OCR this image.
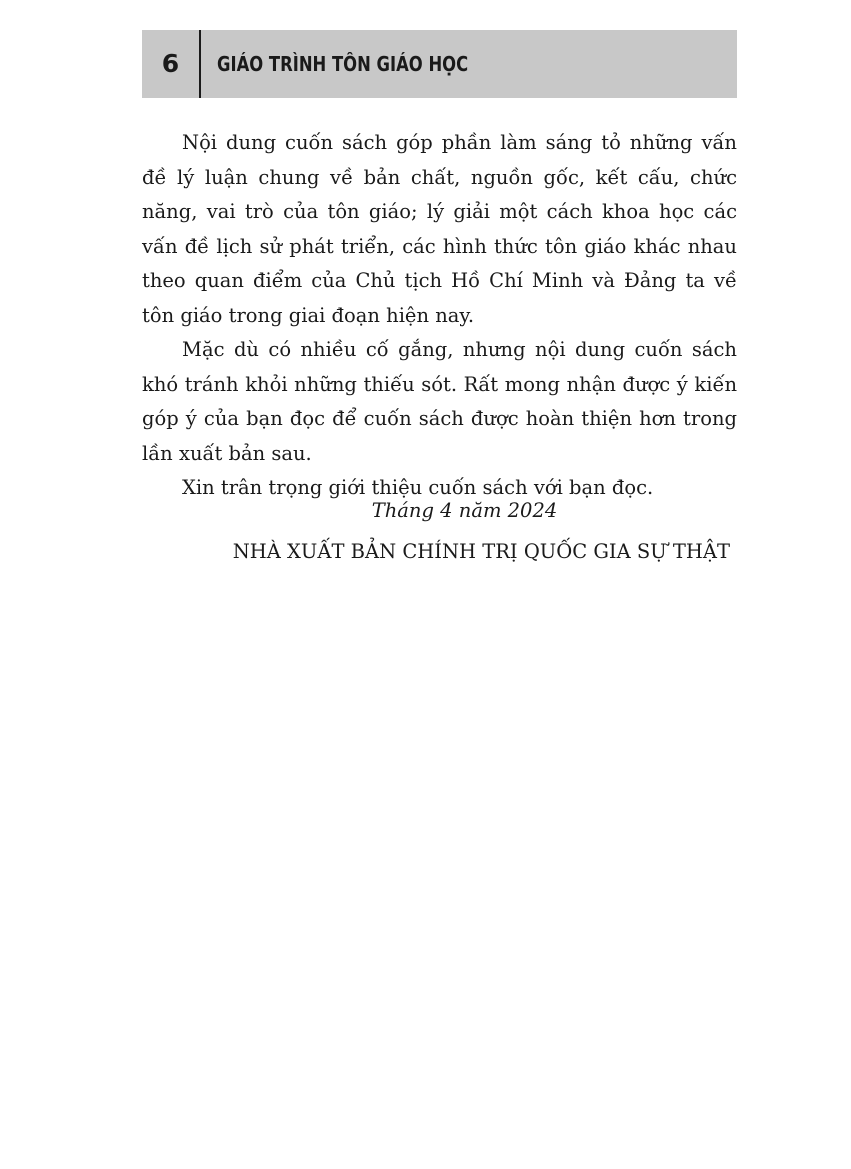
6	GIÁO TRÌNH TÔN GIÁO HỌC

Nội dung cuốn sách góp phần làm sáng tỏ những vấn đề lý luận chung về bản chất, nguồn gốc, kết cấu, chức năng, vai trò của tôn giáo; lý giải một cách khoa học các vấn đề lịch sử phát triển, các hình thức tôn giáo khác nhau theo quan điểm của Chủ tịch Hồ Chí Minh và Đảng ta về tôn giáo trong giai đoạn hiện nay.

Mặc dù có nhiều cố gắng, nhưng nội dung cuốn sách khó tránh khỏi những thiếu sót. Rất mong nhận được ý kiến góp ý của bạn đọc để cuốn sách được hoàn thiện hơn trong lần xuất bản sau.

Xin trân trọng giới thiệu cuốn sách với bạn đọc.

Tháng 4 năm 2024
NHÀ XUẤT BẢN CHÍNH TRỊ QUỐC GIA SỰ THẬT
